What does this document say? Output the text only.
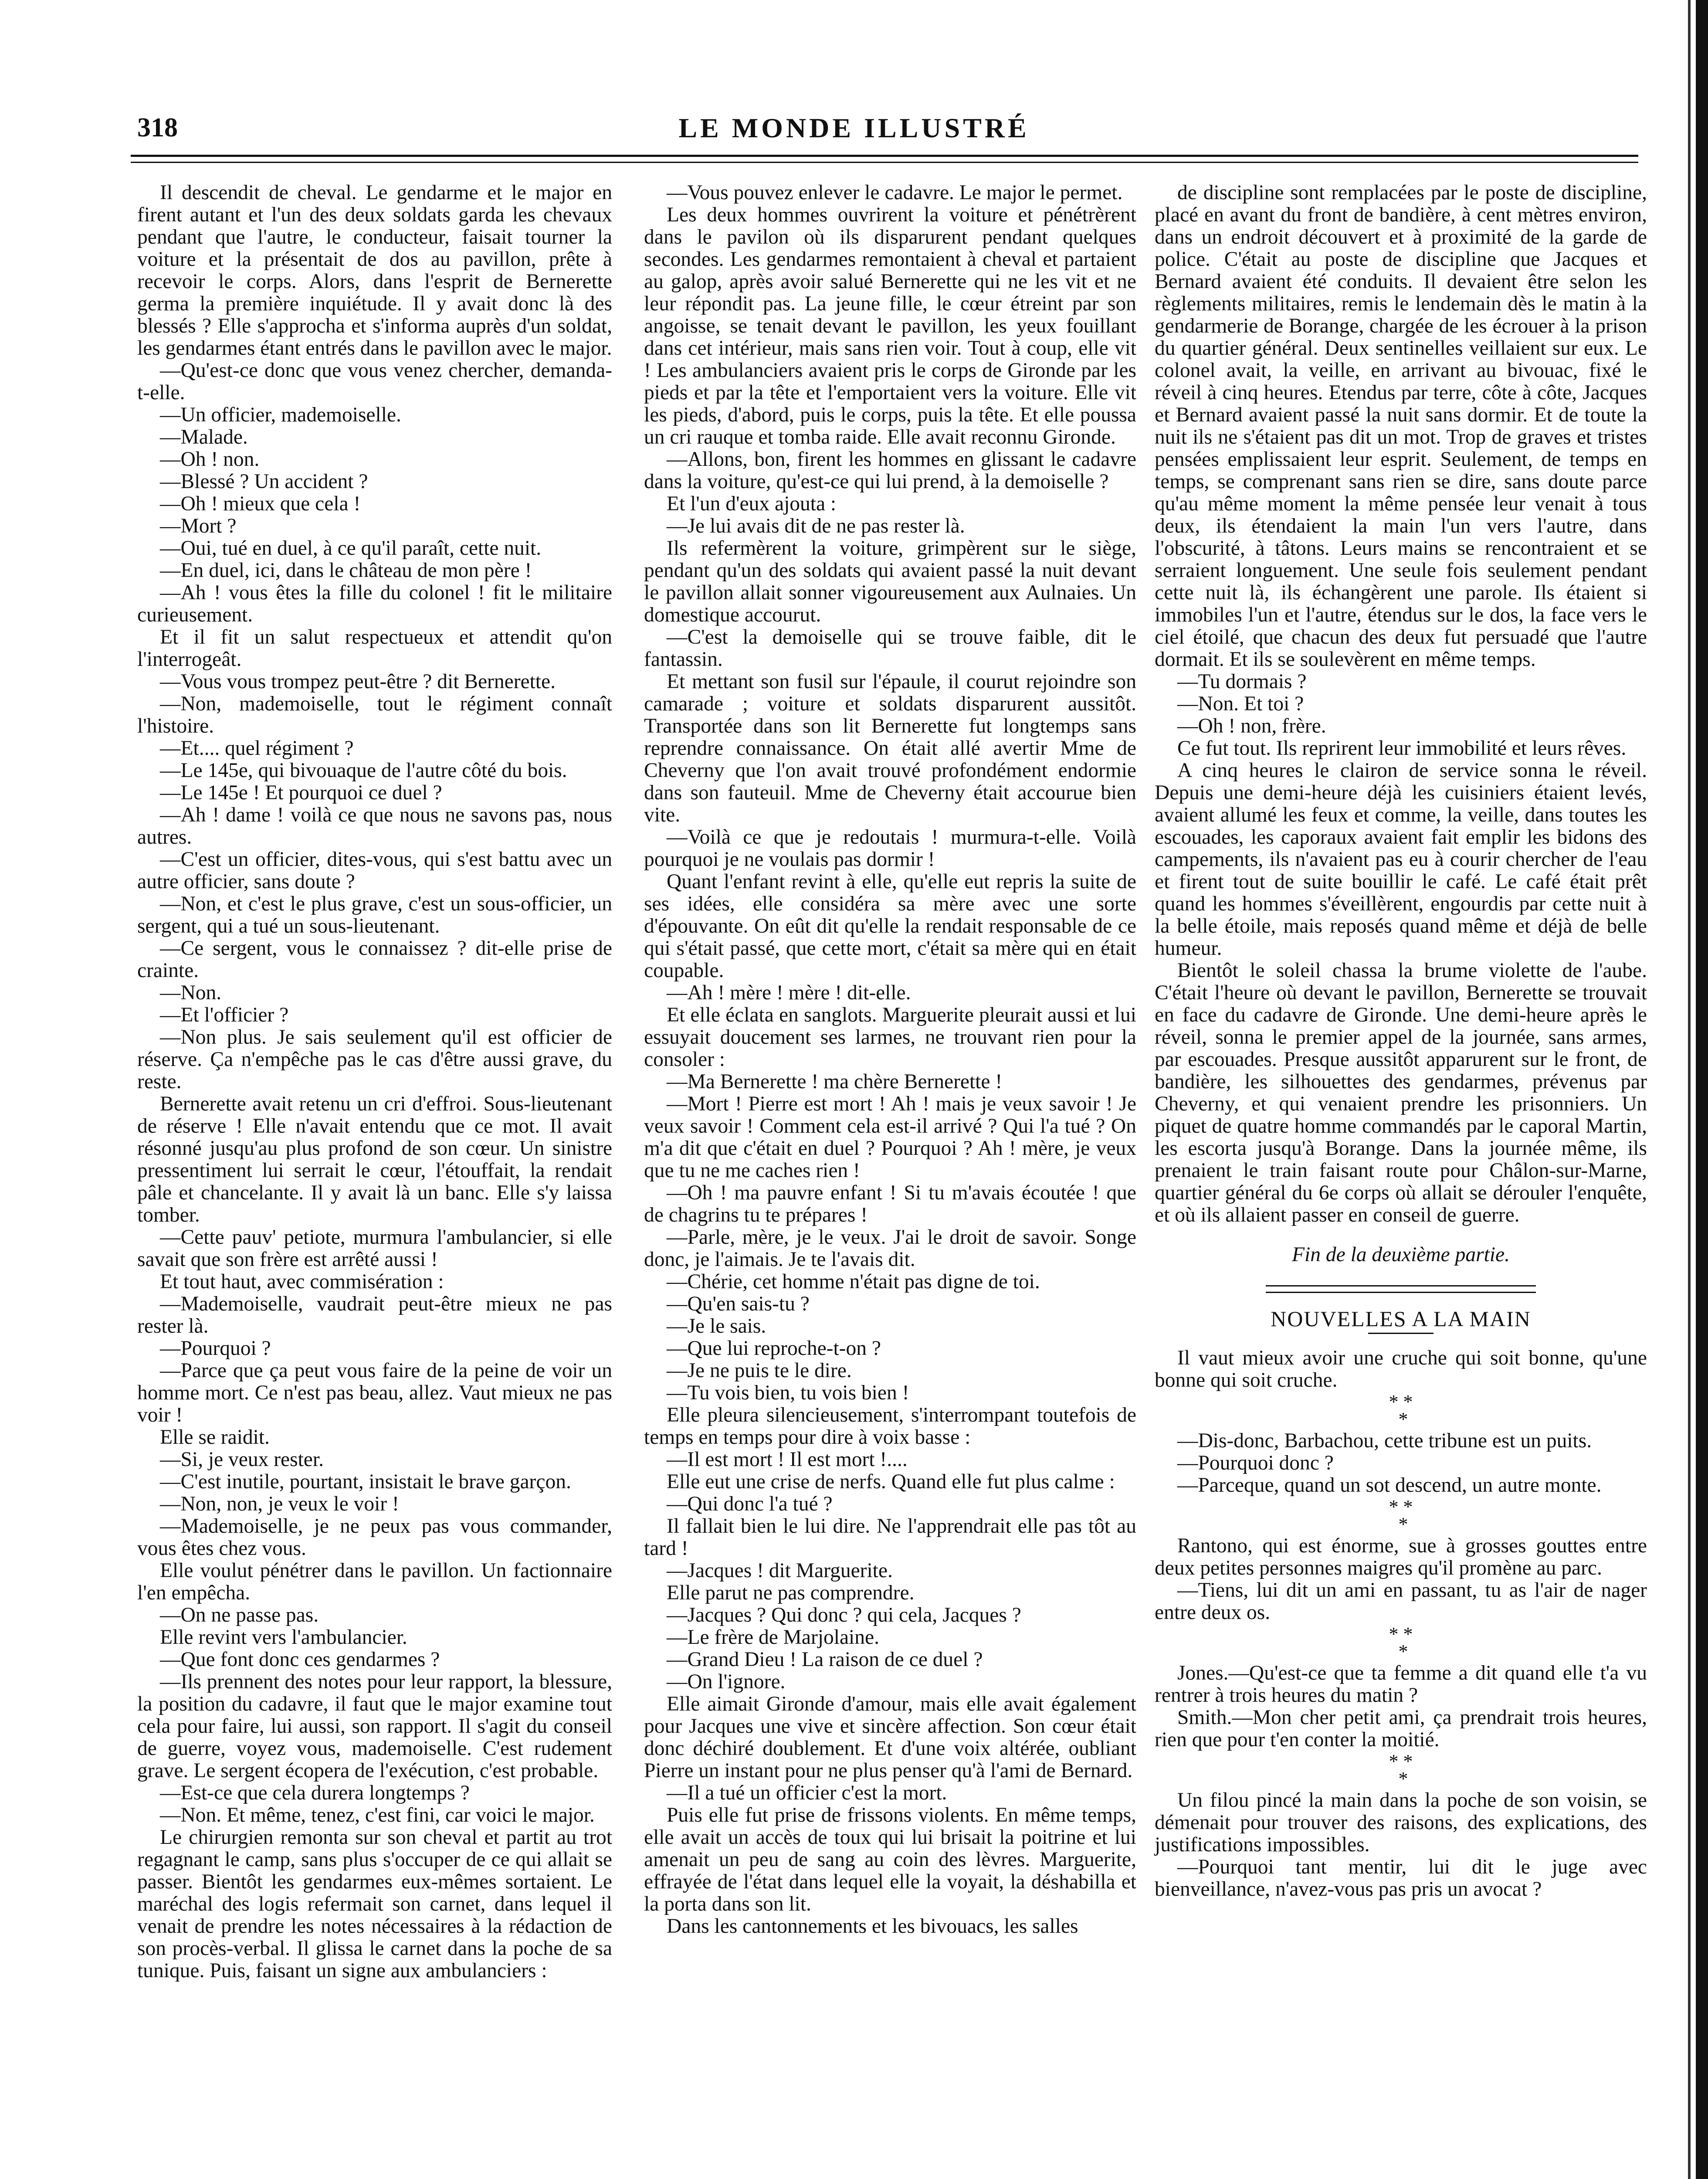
318	LE MONDE ILLUSTRÉ

Il descendit de cheval. Le gendarme et le major en firent autant et l'un des deux soldats garda les chevaux pendant que l'autre, le conducteur, faisait tourner la voiture et la présentait de dos au pavillon, prête à recevoir le corps. Alors, dans l'esprit de Bernerette germa la première inquiétude. Il y avait donc là des blessés ? Elle s'approcha et s'informa auprès d'un soldat, les gendarmes étant entrés dans le pavillon avec le major.

—Qu'est-ce donc que vous venez chercher, demanda-t-elle.

—Un officier, mademoiselle.

—Malade.

—Oh ! non.

—Blessé ? Un accident ?

—Oh ! mieux que cela !

—Mort ?

—Oui, tué en duel, à ce qu'il paraît, cette nuit.

—En duel, ici, dans le château de mon père !

—Ah ! vous êtes la fille du colonel ! fit le militaire curieusement.

Et il fit un salut respectueux et attendit qu'on l'interrogeât.

—Vous vous trompez peut-être ? dit Bernerette.

—Non, mademoiselle, tout le régiment connaît l'histoire.

—Et.... quel régiment ?

—Le 145e, qui bivouaque de l'autre côté du bois.

—Le 145e ! Et pourquoi ce duel ?

—Ah ! dame ! voilà ce que nous ne savons pas, nous autres.

—C'est un officier, dites-vous, qui s'est battu avec un autre officier, sans doute ?

—Non, et c'est le plus grave, c'est un sous-officier, un sergent, qui a tué un sous-lieutenant.

—Ce sergent, vous le connaissez ? dit-elle prise de crainte.

—Non.

—Et l'officier ?

—Non plus. Je sais seulement qu'il est officier de réserve. Ça n'empêche pas le cas d'être aussi grave, du reste.

Bernerette avait retenu un cri d'effroi. Sous-lieutenant de réserve ! Elle n'avait entendu que ce mot. Il avait résonné jusqu'au plus profond de son cœur. Un sinistre pressentiment lui serrait le cœur, l'étouffait, la rendait pâle et chancelante. Il y avait là un banc. Elle s'y laissa tomber.

—Cette pauv' petiote, murmura l'ambulancier, si elle savait que son frère est arrêté aussi !

Et tout haut, avec commisération :

—Mademoiselle, vaudrait peut-être mieux ne pas rester là.

—Pourquoi ?

—Parce que ça peut vous faire de la peine de voir un homme mort. Ce n'est pas beau, allez. Vaut mieux ne pas voir !

Elle se raidit.

—Si, je veux rester.

—C'est inutile, pourtant, insistait le brave garçon.

—Non, non, je veux le voir !

—Mademoiselle, je ne peux pas vous commander, vous êtes chez vous.

Elle voulut pénétrer dans le pavillon. Un factionnaire l'en empêcha.

—On ne passe pas.

Elle revint vers l'ambulancier.

—Que font donc ces gendarmes ?

—Ils prennent des notes pour leur rapport, la blessure, la position du cadavre, il faut que le major examine tout cela pour faire, lui aussi, son rapport. Il s'agit du conseil de guerre, voyez vous, mademoiselle. C'est rudement grave. Le sergent écopera de l'exécution, c'est probable.

—Est-ce que cela durera longtemps ?

—Non. Et même, tenez, c'est fini, car voici le major.

Le chirurgien remonta sur son cheval et partit au trot regagnant le camp, sans plus s'occuper de ce qui allait se passer. Bientôt les gendarmes eux-mêmes sortaient. Le maréchal des logis refermait son carnet, dans lequel il venait de prendre les notes nécessaires à la rédaction de son procès-verbal. Il glissa le carnet dans la poche de sa tunique. Puis, faisant un signe aux ambulanciers :

—Vous pouvez enlever le cadavre. Le major le permet.

Les deux hommes ouvrirent la voiture et pénétrèrent dans le pavilon où ils disparurent pendant quelques secondes. Les gendarmes remontaient à cheval et partaient au galop, après avoir salué Bernerette qui ne les vit et ne leur répondit pas. La jeune fille, le cœur étreint par son angoisse, se tenait devant le pavillon, les yeux fouillant dans cet intérieur, mais sans rien voir. Tout à coup, elle vit ! Les ambulanciers avaient pris le corps de Gironde par les pieds et par la tête et l'emportaient vers la voiture. Elle vit les pieds, d'abord, puis le corps, puis la tête. Et elle poussa un cri rauque et tomba raide. Elle avait reconnu Gironde.

—Allons, bon, firent les hommes en glissant le cadavre dans la voiture, qu'est-ce qui lui prend, à la demoiselle ?

Et l'un d'eux ajouta :

—Je lui avais dit de ne pas rester là.

Ils refermèrent la voiture, grimpèrent sur le siège, pendant qu'un des soldats qui avaient passé la nuit devant le pavillon allait sonner vigoureusement aux Aulnaies. Un domestique accourut.

—C'est la demoiselle qui se trouve faible, dit le fantassin.

Et mettant son fusil sur l'épaule, il courut rejoindre son camarade ; voiture et soldats disparurent aussitôt. Transportée dans son lit Bernerette fut longtemps sans reprendre connaissance. On était allé avertir Mme de Cheverny que l'on avait trouvé profondément endormie dans son fauteuil. Mme de Cheverny était accourue bien vite.

—Voilà ce que je redoutais ! murmura-t-elle. Voilà pourquoi je ne voulais pas dormir !

Quant l'enfant revint à elle, qu'elle eut repris la suite de ses idées, elle considéra sa mère avec une sorte d'épouvante. On eût dit qu'elle la rendait responsable de ce qui s'était passé, que cette mort, c'était sa mère qui en était coupable.

—Ah ! mère ! mère ! dit-elle.

Et elle éclata en sanglots. Marguerite pleurait aussi et lui essuyait doucement ses larmes, ne trouvant rien pour la consoler :

—Ma Bernerette ! ma chère Bernerette !

—Mort ! Pierre est mort ! Ah ! mais je veux savoir ! Je veux savoir ! Comment cela est-il arrivé ? Qui l'a tué ? On m'a dit que c'était en duel ? Pourquoi ? Ah ! mère, je veux que tu ne me caches rien !

—Oh ! ma pauvre enfant ! Si tu m'avais écoutée ! que de chagrins tu te prépares !

—Parle, mère, je le veux. J'ai le droit de savoir. Songe donc, je l'aimais. Je te l'avais dit.

—Chérie, cet homme n'était pas digne de toi.

—Qu'en sais-tu ?

—Je le sais.

—Que lui reproche-t-on ?

—Je ne puis te le dire.

—Tu vois bien, tu vois bien !

Elle pleura silencieusement, s'interrompant toutefois de temps en temps pour dire à voix basse :

—Il est mort ! Il est mort !....

Elle eut une crise de nerfs. Quand elle fut plus calme :

—Qui donc l'a tué ?

Il fallait bien le lui dire. Ne l'apprendrait elle pas tôt au tard !

—Jacques ! dit Marguerite.

Elle parut ne pas comprendre.

—Jacques ? Qui donc ? qui cela, Jacques ?

—Le frère de Marjolaine.

—Grand Dieu ! La raison de ce duel ?

—On l'ignore.

Elle aimait Gironde d'amour, mais elle avait également pour Jacques une vive et sincère affection. Son cœur était donc déchiré doublement. Et d'une voix altérée, oubliant Pierre un instant pour ne plus penser qu'à l'ami de Bernard.

—Il a tué un officier c'est la mort.

Puis elle fut prise de frissons violents. En même temps, elle avait un accès de toux qui lui brisait la poitrine et lui amenait un peu de sang au coin des lèvres. Marguerite, effrayée de l'état dans lequel elle la voyait, la déshabilla et la porta dans son lit.

Dans les cantonnements et les bivouacs, les salles

de discipline sont remplacées par le poste de discipline, placé en avant du front de bandière, à cent mètres environ, dans un endroit découvert et à proximité de la garde de police. C'était au poste de discipline que Jacques et Bernard avaient été conduits. Il devaient être selon les règlements militaires, remis le lendemain dès le matin à la gendarmerie de Borange, chargée de les écrouer à la prison du quartier général. Deux sentinelles veillaient sur eux. Le colonel avait, la veille, en arrivant au bivouac, fixé le réveil à cinq heures. Etendus par terre, côte à côte, Jacques et Bernard avaient passé la nuit sans dormir. Et de toute la nuit ils ne s'étaient pas dit un mot. Trop de graves et tristes pensées emplissaient leur esprit. Seulement, de temps en temps, se comprenant sans rien se dire, sans doute parce qu'au même moment la même pensée leur venait à tous deux, ils étendaient la main l'un vers l'autre, dans l'obscurité, à tâtons. Leurs mains se rencontraient et se serraient longuement. Une seule fois seulement pendant cette nuit là, ils échangèrent une parole. Ils étaient si immobiles l'un et l'autre, étendus sur le dos, la face vers le ciel étoilé, que chacun des deux fut persuadé que l'autre dormait. Et ils se soulevèrent en même temps.

—Tu dormais ?

—Non. Et toi ?

—Oh ! non, frère.

Ce fut tout. Ils reprirent leur immobilité et leurs rêves.

A cinq heures le clairon de service sonna le réveil. Depuis une demi-heure déjà les cuisiniers étaient levés, avaient allumé les feux et comme, la veille, dans toutes les escouades, les caporaux avaient fait emplir les bidons des campements, ils n'avaient pas eu à courir chercher de l'eau et firent tout de suite bouillir le café. Le café était prêt quand les hommes s'éveillèrent, engourdis par cette nuit à la belle étoile, mais reposés quand même et déjà de belle humeur.

Bientôt le soleil chassa la brume violette de l'aube. C'était l'heure où devant le pavillon, Bernerette se trouvait en face du cadavre de Gironde. Une demi-heure après le réveil, sonna le premier appel de la journée, sans armes, par escouades. Presque aussitôt apparurent sur le front, de bandière, les silhouettes des gendarmes, prévenus par Cheverny, et qui venaient prendre les prisonniers. Un piquet de quatre homme commandés par le caporal Martin, les escorta jusqu'à Borange. Dans la journée même, ils prenaient le train faisant route pour Châlon-sur-Marne, quartier général du 6e corps où allait se dérouler l'enquête, et où ils allaient passer en conseil de guerre.

Fin de la deuxième partie.

NOUVELLES A LA MAIN

Il vaut mieux avoir une cruche qui soit bonne, qu'une bonne qui soit cruche.

* *
*

—Dis-donc, Barbachou, cette tribune est un puits.

—Pourquoi donc ?

—Parceque, quand un sot descend, un autre monte.

* *
*

Rantono, qui est énorme, sue à grosses gouttes entre deux petites personnes maigres qu'il promène au parc.

—Tiens, lui dit un ami en passant, tu as l'air de nager entre deux os.

* *
*

Jones.—Qu'est-ce que ta femme a dit quand elle t'a vu rentrer à trois heures du matin ?

Smith.—Mon cher petit ami, ça prendrait trois heures, rien que pour t'en conter la moitié.

* *
*

Un filou pincé la main dans la poche de son voisin, se démenait pour trouver des raisons, des explications, des justifications impossibles.

—Pourquoi tant mentir, lui dit le juge avec bienveillance, n'avez-vous pas pris un avocat ?
